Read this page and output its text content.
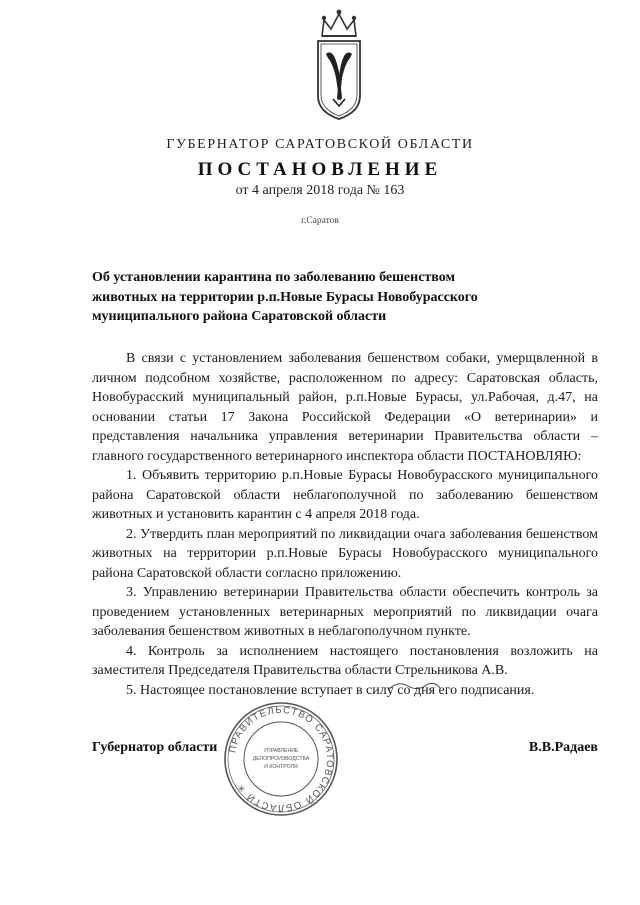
ГУБЕРНАТОР САРАТОВСКОЙ ОБЛАСТИ
ПОСТАНОВЛЕНИЕ
от 4 апреля 2018 года № 163
г.Саратов
Об установлении карантина по заболеванию бешенством животных на территории р.п.Новые Бурасы Новобурасского муниципального района Саратовской области

В связи с установлением заболевания бешенством собаки, умерщвленной в личном подсобном хозяйстве, расположенном по адресу: Саратовская область, Новобурасский муниципальный район, р.п.Новые Бурасы, ул.Рабочая, д.47, на основании статьи 17 Закона Российской Федерации «О ветеринарии» и представления начальника управления ветеринарии Правительства области – главного государственного ветеринарного инспектора области ПОСТАНОВЛЯЮ:

1. Объявить территорию р.п.Новые Бурасы Новобурасского муниципального района Саратовской области неблагополучной по заболеванию бешенством животных и установить карантин с 4 апреля 2018 года.

2. Утвердить план мероприятий по ликвидации очага заболевания бешенством животных на территории р.п.Новые Бурасы Новобурасского муниципального района Саратовской области согласно приложению.

3. Управлению ветеринарии Правительства области обеспечить контроль за проведением установленных ветеринарных мероприятий по ликвидации очага заболевания бешенством животных в неблагополучном пункте.

4. Контроль за исполнением настоящего постановления возложить на заместителя Председателя Правительства области Стрельникова А.В.

5. Настоящее постановление вступает в силу со дня его подписания.

Губернатор области	В.В.Радаев
ПРАВИТЕЛЬСТВО САРАТОВСКОЙ ОБЛАСТИ ✳
УПРАВЛЕНИЕ
ДЕЛОПРОИЗВОДСТВА
И КОНТРОЛЯ
